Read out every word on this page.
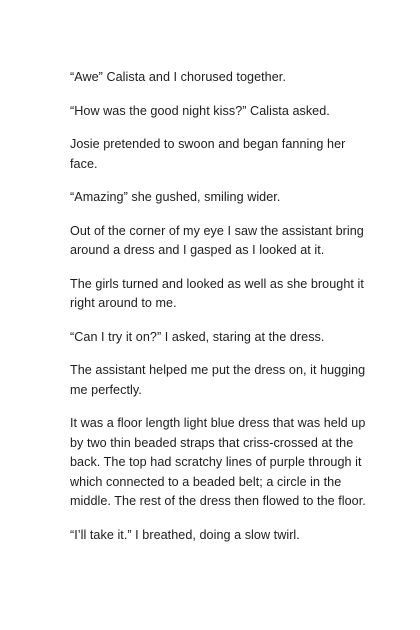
“Awe” Calista and I chorused together.

“How was the good night kiss?” Calista asked.

Josie pretended to swoon and began fanning her face.

“Amazing” she gushed, smiling wider.

Out of the corner of my eye I saw the assistant bring around a dress and I gasped as I looked at it.

The girls turned and looked as well as she brought it right around to me.

“Can I try it on?” I asked, staring at the dress.

The assistant helped me put the dress on, it hugging me perfectly.

It was a floor length light blue dress that was held up by two thin beaded straps that criss-crossed at the back. The top had scratchy lines of purple through it which connected to a beaded belt; a circle in the middle. The rest of the dress then flowed to the floor.

“I’ll take it.” I breathed, doing a slow twirl.
